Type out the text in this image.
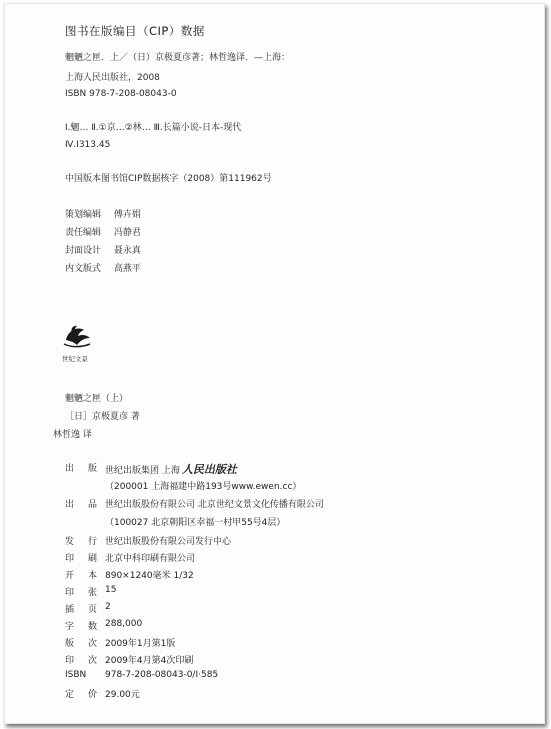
图书在版编目（CIP）数据
魍魉之匣．上／（日）京极夏彦著；林哲逸译．—上海：
上海人民出版社，2008
ISBN 978-7-208-08043-0
Ⅰ.魍… Ⅱ.①京…②林… Ⅲ.长篇小说-日本-现代
Ⅳ.I313.45
中国版本图书馆CIP数据核字（2008）第111962号
策划编辑 傅卉娟
责任编辑 冯静君
封面设计 聂永真
内文版式 高燕平
世纪文景
魍魉之匣（上）
［日］京极夏彦 著
林哲逸 译
出 版 世纪出版集团 上海 人民出版社
（200001 上海福建中路193号www.ewen.cc）
出 品 世纪出版股份有限公司 北京世纪文景文化传播有限公司
（100027 北京朝阳区幸福一村甲55号4层）
发 行 世纪出版股份有限公司发行中心
印 刷 北京中科印刷有限公司
开 本 890×1240毫米 1/32
印 张 15
插 页 2
字 数 288,000
版 次 2009年1月第1版
印 次 2009年4月第4次印刷
ISBN 978-7-208-08043-0/I·585
定 价 29.00元
